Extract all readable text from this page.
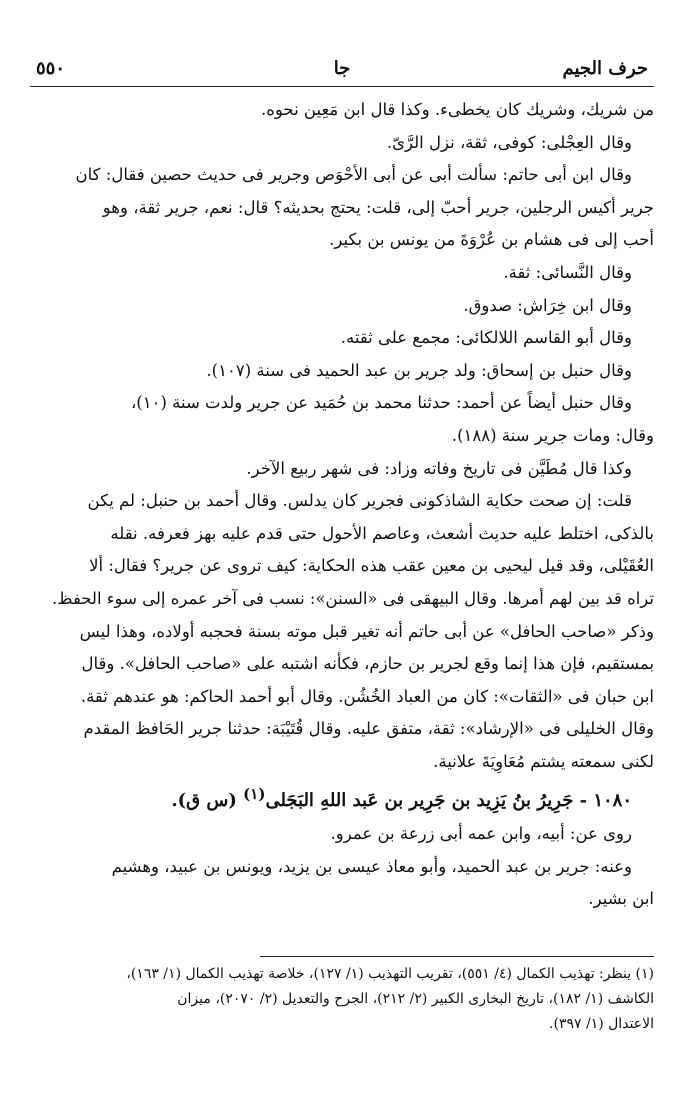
حرف الجيم
جا
٥٥٠

من شريك، وشريك كان يخطىء. وكذا قال ابن مَعِين نحوه.

وقال العِجْلى: كوفى، ثقة، نزل الرَّىّ.

وقال ابن أبى حاتم: سألت أبى عن أبى الأحْوَص وجرير فى حديث حصين فقال: كان

جرير أكيس الرجلين، جرير أحبّ إلى، قلت: يحتج بحديثه؟ قال: نعم، جرير ثقة، وهو

أحب إلى فى هشام بن عُرْوَةَ من يونس بن بكير.

وقال النَّسائى: ثقة.

وقال ابن خِرَاش: صدوق.

وقال أبو القاسم اللالكائى: مجمع على ثقته.

وقال حنبل بن إسحاق: ولد جرير بن عبد الحميد فى سنة (١٠٧).

وقال حنبل أيضاً عن أحمد: حدثنا محمد بن حُمَيد عن جرير ولدت سنة (١٠)،

وقال: ومات جرير سنة (١٨٨).

وكذا قال مُطَيَّن فى تاريخ وفاته وزاد: فى شهر ربيع الآخر.

قلت: إن صحت حكاية الشاذكونى فجرير كان يدلس. وقال أحمد بن حنبل: لم يكن

بالذكى، اختلط عليه حديث أشعث، وعاصم الأحول حتى قدم عليه بهز فعرفه. نقله

العُقَيْلى، وقد قيل ليحيى بن معين عقب هذه الحكاية: كيف تروى عن جرير؟ فقال: ألا

تراه قد بين لهم أمرها. وقال البيهقى فى «السنن»: نسب فى آخر عمره إلى سوء الحفظ.

وذكر «صاحب الحافل» عن أبى حاتم أنه تغير قبل موته بسنة فحجبه أولاده، وهذا ليس

بمستقيم، فإن هذا إنما وقع لجرير بن حازم، فكأنه اشتبه على «صاحب الحافل». وقال

ابن حبان فى «الثقات»: كان من العباد الخُشُن. وقال أبو أحمد الحاكم: هو عندهم ثقة.

وقال الخليلى فى «الإرشاد»: ثقة، متفق عليه. وقال قُتَيْبَة: حدثنا جرير الحَافظ المقدم

لكنى سمعته يشتم مُعَاوِيَةَ علانية.

١٠٨٠ - جَرِيرُ بنُ يَزِيد بن جَرِير بن عَبد اللهِ البَجَلى$^{(١)}$ (س ق).

روى عن: أبيه، وابن عمه أبى زرعة بن عمرو.

وعنه: جرير بن عبد الحميد، وأبو معاذ عيسى بن يزيد، ويونس بن عبيد، وهشيم

ابن بشير.

(١) ينظر: تهذيب الكمال (٤/ ٥٥١)، تقريب التهذيب (١/ ١٢٧)، خلاصة تهذيب الكمال (١/ ١٦٣)،

الكاشف (١/ ١٨٢)، تاريخ البخارى الكبير (٢/ ٢١٢)، الجرح والتعديل (٢/ ٢٠٧٠)، ميزان

الاعتدال (١/ ٣٩٧).
